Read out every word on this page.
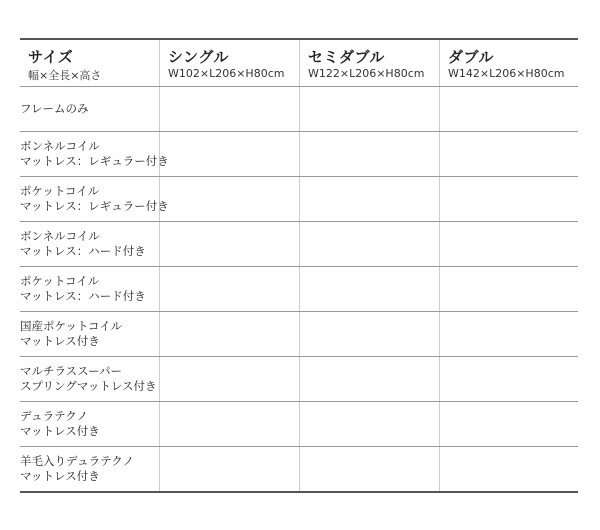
サイズ
幅×全長×高さ
シングル
W102×L206×H80cm
セミダブル
W122×L206×H80cm
ダブル
W142×L206×H80cm
フレームのみ
ボンネルコイル
マットレス：レギュラー付き
ポケットコイル
マットレス：レギュラー付き
ボンネルコイル
マットレス：ハード付き
ポケットコイル
マットレス：ハード付き
国産ポケットコイル
マットレス付き
マルチラススーパー
スプリングマットレス付き
デュラテクノ
マットレス付き
羊毛入りデュラテクノ
マットレス付き
